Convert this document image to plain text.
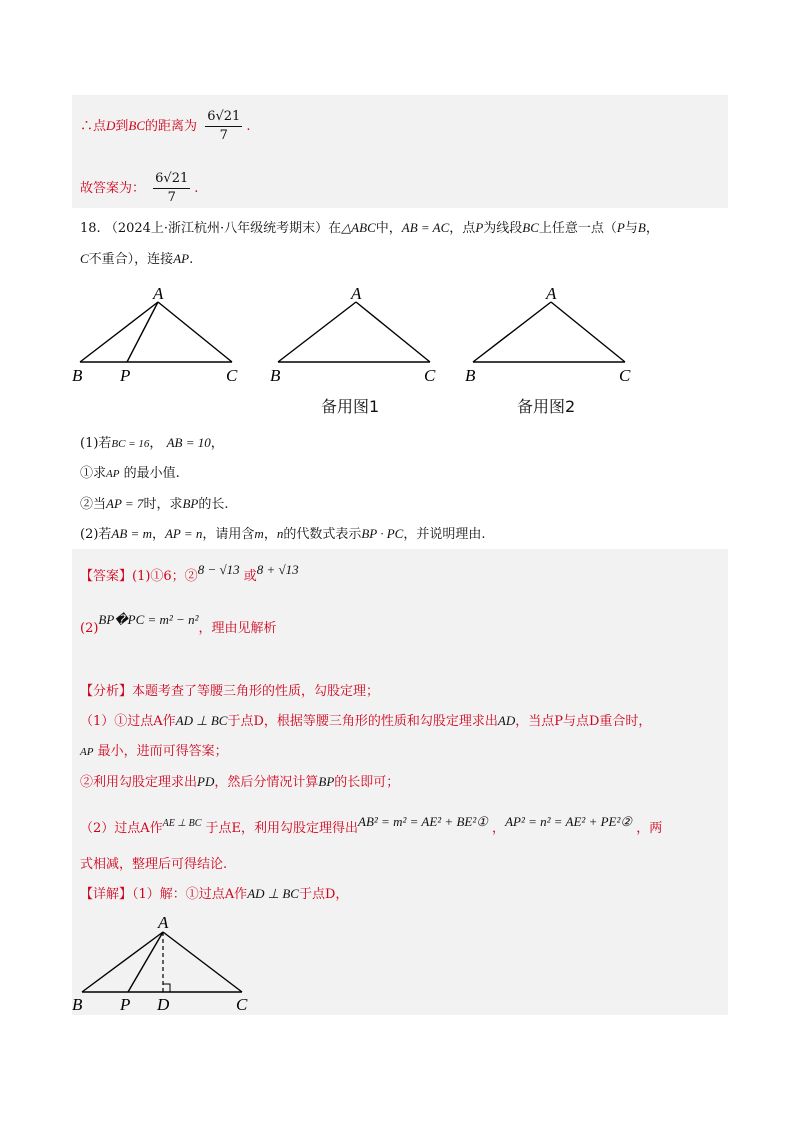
∴点D到BC的距离为 $\frac{6√21}{7}$ .
故答案为： $\frac{6√21}{7}$ .
18. （2024上·浙江杭州·八年级统考期末）在△ABC中，AB = AC，点P为线段BC上任意一点（P与B，
C不重合），连接AP.
A
B P	C
A
B	C
备用图1
A
B	C
备用图2
(1)若BC = 16， AB = 10，
①求AP 的最小值.
②当AP = 7时，求BP的长.
(2)若AB = m，AP = n，请用含m，n的代数式表示BP · PC，并说明理由.
【答案】(1)①6；②8 − √13 或8 + √13
(2)BP�PC = m² − n²，理由见解析
【分析】本题考查了等腰三角形的性质，勾股定理；
（1）①过点A作AD ⊥ BC于点D，根据等腰三角形的性质和勾股定理求出AD，当点P与点D重合时，
AP 最小，进而可得答案；
②利用勾股定理求出PD，然后分情况计算BP的长即可；
（2）过点A作$^{AE \perp BC}$ 于点E，利用勾股定理得出AB² = m² = AE² + BE²① ，AP² = n² = AE² + PE²② ，两
式相减，整理后可得结论.
【详解】（1）解：①过点A作AD ⊥ BC于点D，
A
B P D	C
